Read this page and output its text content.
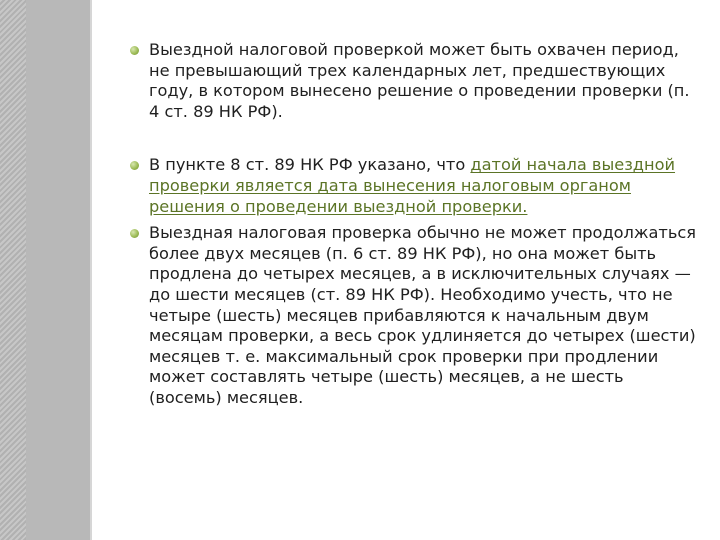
Выездной налоговой проверкой может быть охвачен период, не превышающий трех календарных лет, предшествующих году, в котором вынесено решение о проведении проверки (п. 4 ст. 89 НК РФ).
В пункте 8 ст. 89 НК РФ указано, что датой начала выездной проверки является дата вынесения налоговым органом решения о проведении выездной проверки.
Выездная налоговая проверка обычно не может продолжаться более двух месяцев (п. 6 ст. 89 НК РФ), но она может быть продлена до четырех месяцев, а в исключительных случаях — до шести месяцев (ст. 89 НК РФ). Необходимо учесть, что не четыре (шесть) месяцев прибавляются к начальным двум месяцам проверки, а весь срок удлиняется до четырех (шести) месяцев т. е. максимальный срок проверки при продлении может составлять четыре (шесть) месяцев, а не шесть (восемь) месяцев.
